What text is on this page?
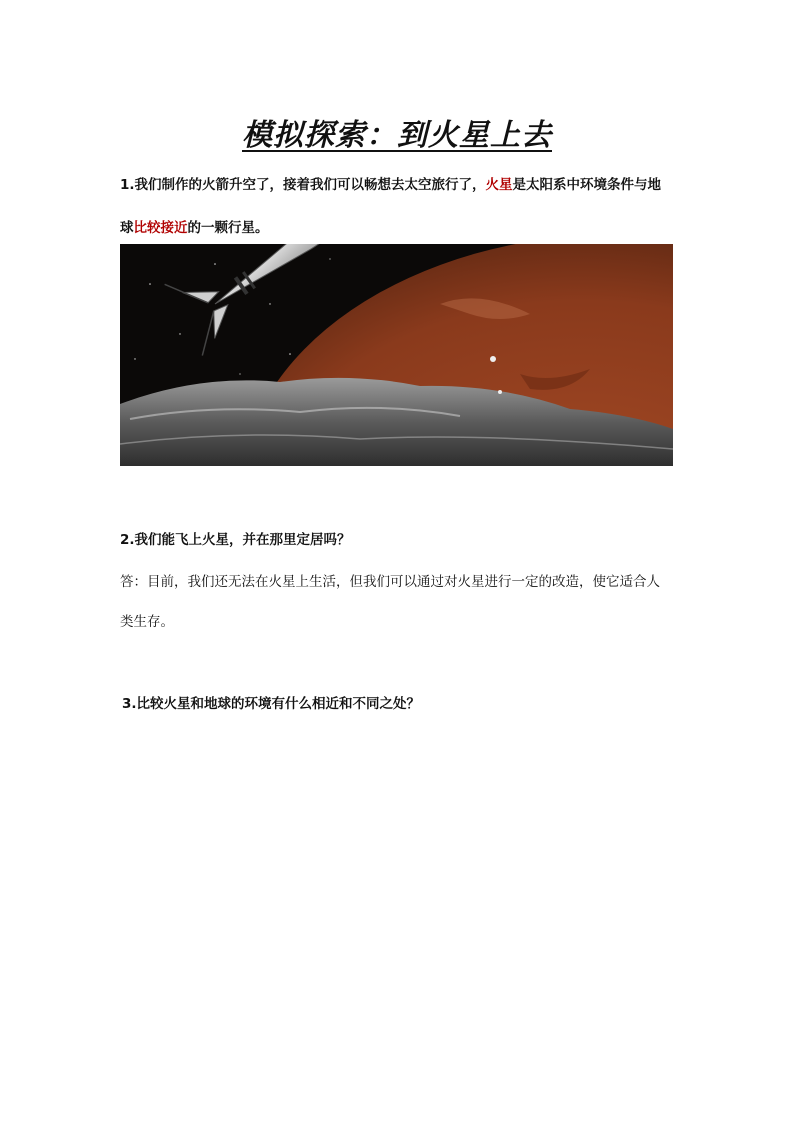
模拟探索：到火星上去
1.我们制作的火箭升空了，接着我们可以畅想去太空旅行了，火星是太阳系中环境条件与地
球比较接近的一颗行星。
2.我们能飞上火星，并在那里定居吗？
答：目前，我们还无法在火星上生活，但我们可以通过对火星进行一定的改造，使它适合人
类生存。
3.比较火星和地球的环境有什么相近和不同之处？
